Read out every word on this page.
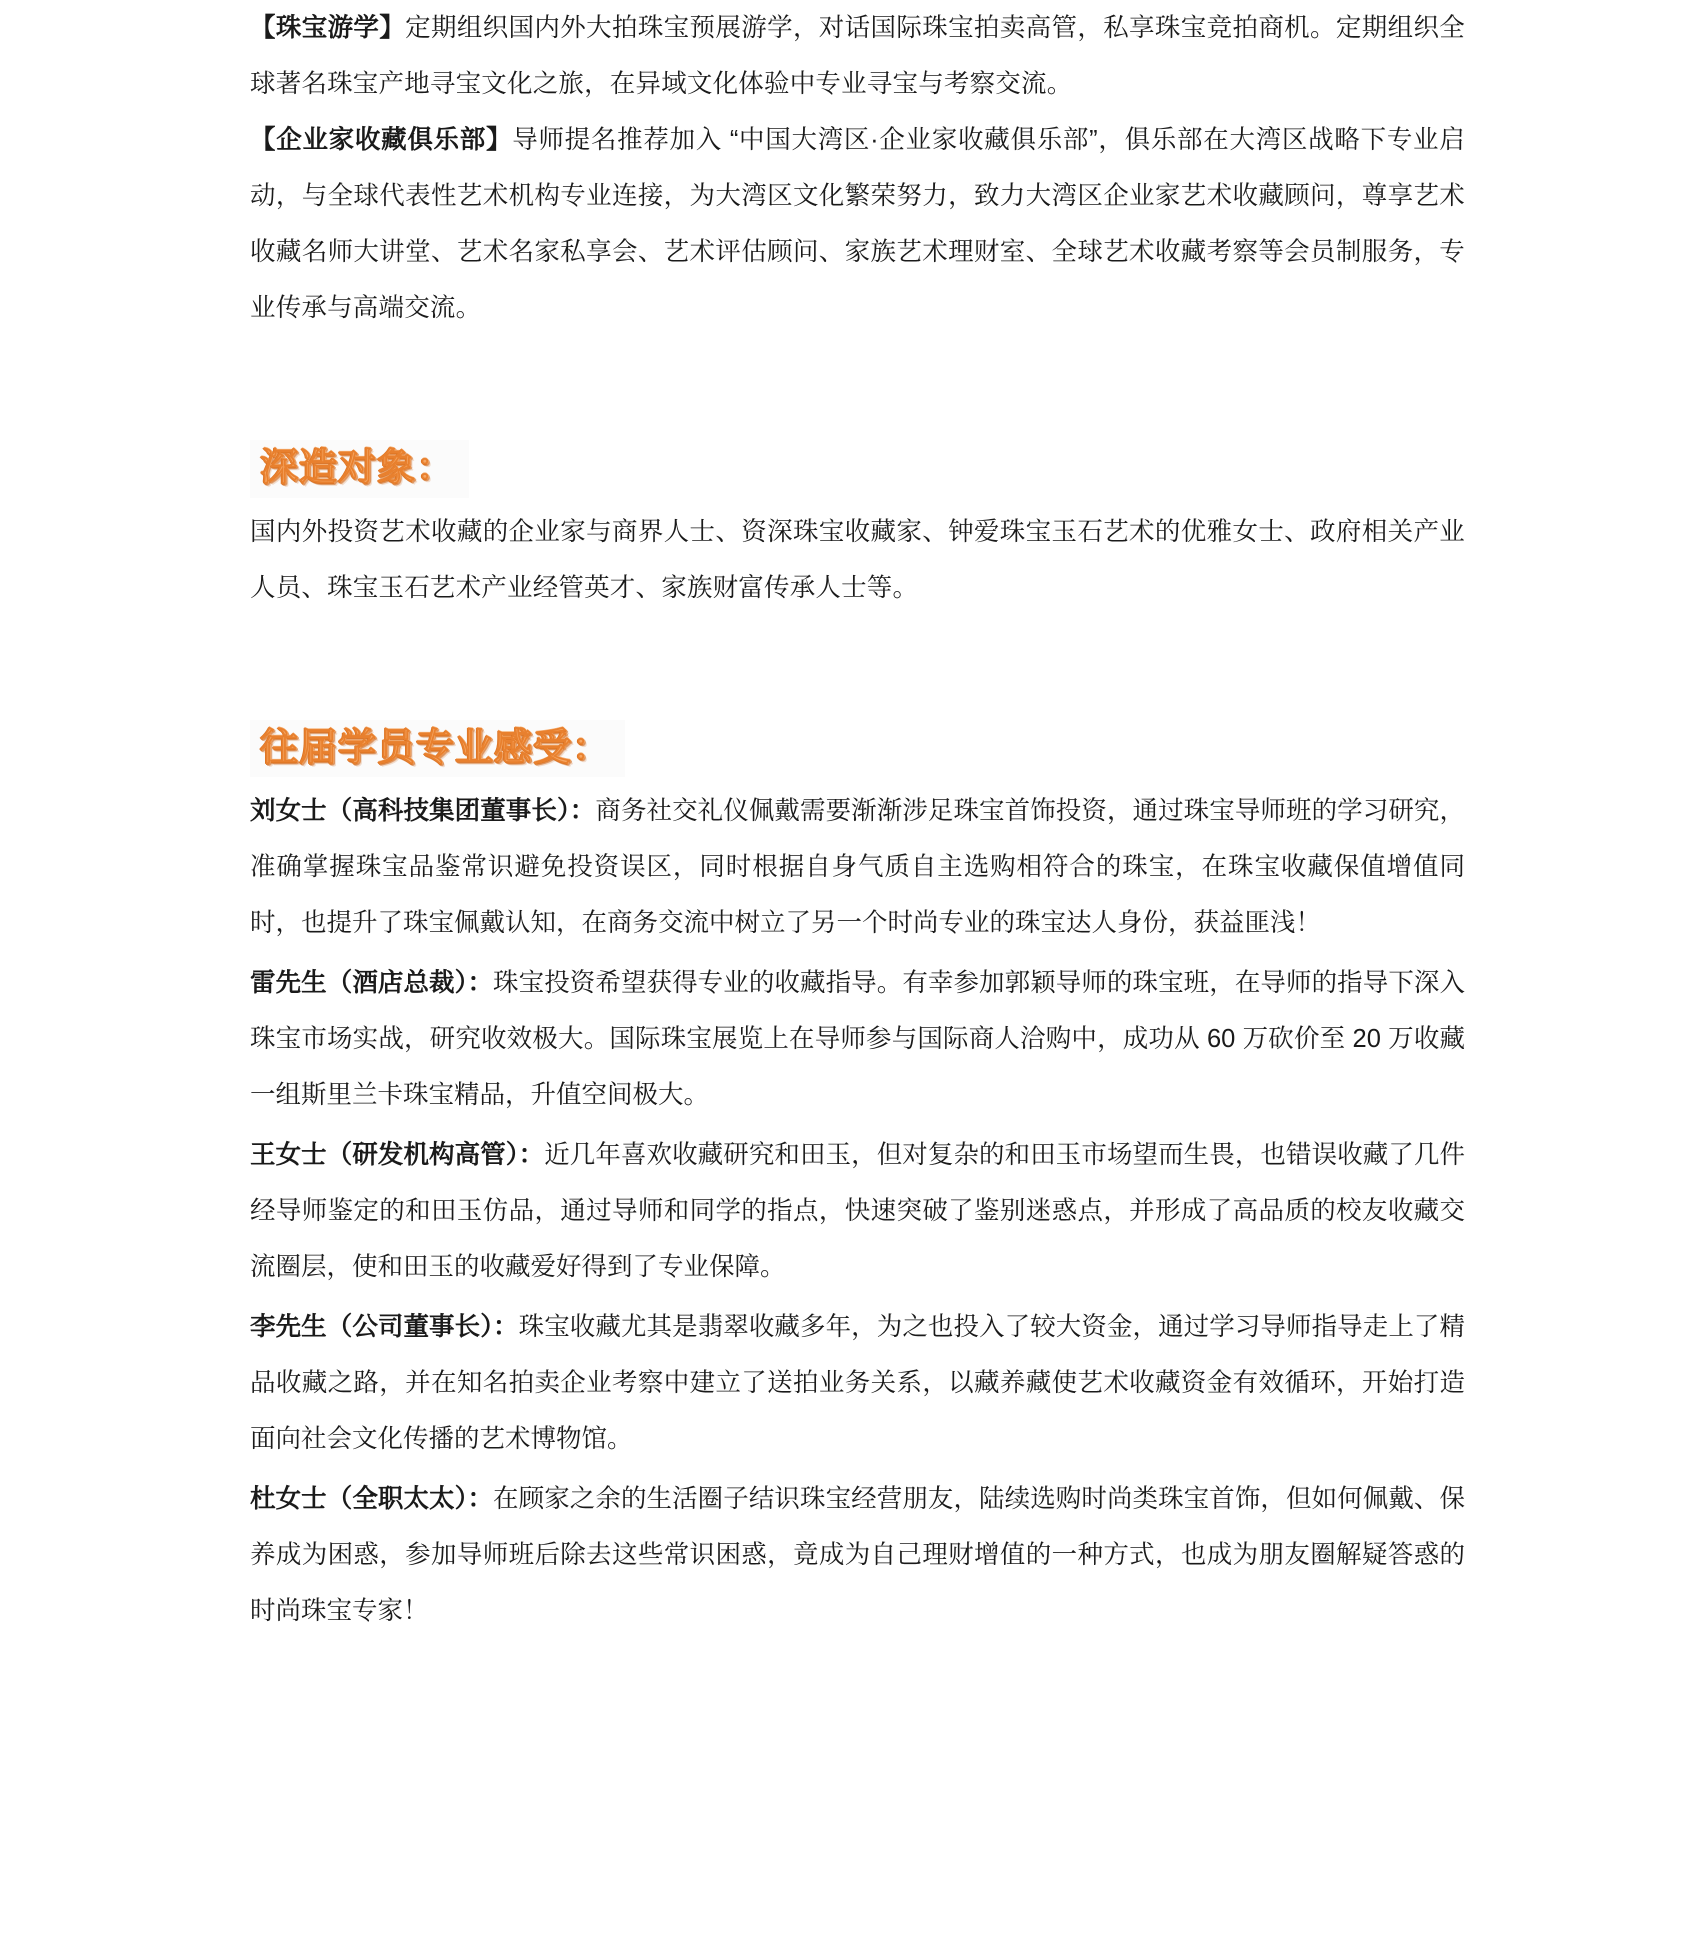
【珠宝游学】定期组织国内外大拍珠宝预展游学，对话国际珠宝拍卖高管，私享珠宝竞拍商机。定期组织全球著名珠宝产地寻宝文化之旅，在异域文化体验中专业寻宝与考察交流。

【企业家收藏俱乐部】导师提名推荐加入 “中国大湾区·企业家收藏俱乐部”，俱乐部在大湾区战略下专业启动，与全球代表性艺术机构专业连接，为大湾区文化繁荣努力，致力大湾区企业家艺术收藏顾问，尊享艺术收藏名师大讲堂、艺术名家私享会、艺术评估顾问、家族艺术理财室、全球艺术收藏考察等会员制服务，专业传承与高端交流。

深造对象：

国内外投资艺术收藏的企业家与商界人士、资深珠宝收藏家、钟爱珠宝玉石艺术的优雅女士、政府相关产业人员、珠宝玉石艺术产业经管英才、家族财富传承人士等。

往届学员专业感受：

刘女士（高科技集团董事长）：商务社交礼仪佩戴需要渐渐涉足珠宝首饰投资，通过珠宝导师班的学习研究，准确掌握珠宝品鉴常识避免投资误区，同时根据自身气质自主选购相符合的珠宝，在珠宝收藏保值增值同时，也提升了珠宝佩戴认知，在商务交流中树立了另一个时尚专业的珠宝达人身份，获益匪浅！

雷先生（酒店总裁）：珠宝投资希望获得专业的收藏指导。有幸参加郭颖导师的珠宝班，在导师的指导下深入珠宝市场实战，研究收效极大。国际珠宝展览上在导师参与国际商人洽购中，成功从 60 万砍价至 20 万收藏一组斯里兰卡珠宝精品，升值空间极大。

王女士（研发机构高管）：近几年喜欢收藏研究和田玉，但对复杂的和田玉市场望而生畏，也错误收藏了几件经导师鉴定的和田玉仿品，通过导师和同学的指点，快速突破了鉴别迷惑点，并形成了高品质的校友收藏交流圈层，使和田玉的收藏爱好得到了专业保障。

李先生（公司董事长）：珠宝收藏尤其是翡翠收藏多年，为之也投入了较大资金，通过学习导师指导走上了精品收藏之路，并在知名拍卖企业考察中建立了送拍业务关系，以藏养藏使艺术收藏资金有效循环，开始打造面向社会文化传播的艺术博物馆。

杜女士（全职太太）：在顾家之余的生活圈子结识珠宝经营朋友，陆续选购时尚类珠宝首饰，但如何佩戴、保养成为困惑，参加导师班后除去这些常识困惑，竟成为自己理财增值的一种方式，也成为朋友圈解疑答惑的时尚珠宝专家！
